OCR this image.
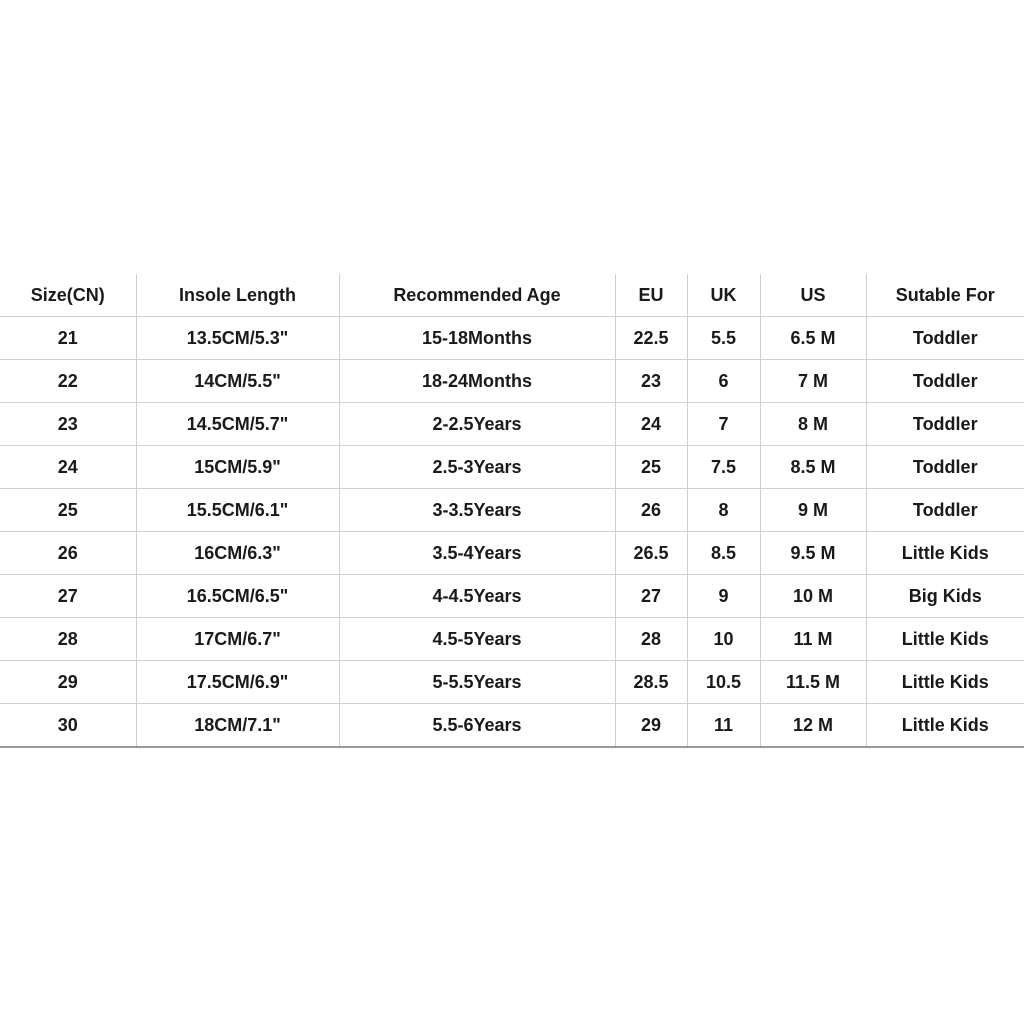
Size(CN)	Insole Length	Recommended Age	EU	UK	US	Sutable For
21	13.5CM/5.3"	15-18Months	22.5	5.5	6.5 M	Toddler
22	14CM/5.5"	18-24Months	23	6	7 M	Toddler
23	14.5CM/5.7"	2-2.5Years	24	7	8 M	Toddler
24	15CM/5.9"	2.5-3Years	25	7.5	8.5 M	Toddler
25	15.5CM/6.1"	3-3.5Years	26	8	9 M	Toddler
26	16CM/6.3"	3.5-4Years	26.5	8.5	9.5 M	Little Kids
27	16.5CM/6.5"	4-4.5Years	27	9	10 M	Big Kids
28	17CM/6.7"	4.5-5Years	28	10	11 M	Little Kids
29	17.5CM/6.9"	5-5.5Years	28.5	10.5	11.5 M	Little Kids
30	18CM/7.1"	5.5-6Years	29	11	12 M	Little Kids
